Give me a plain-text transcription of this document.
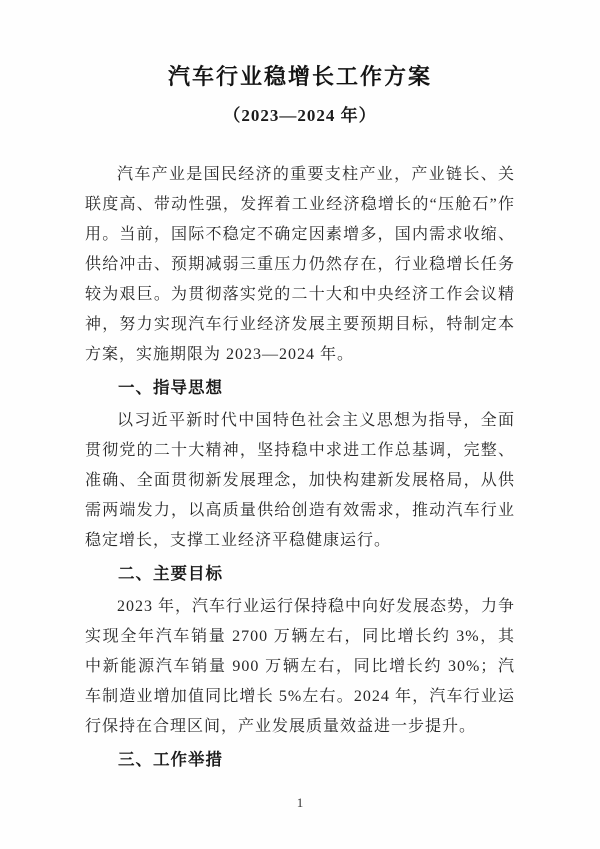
汽车行业稳增长工作方案
（2023—2024 年）

汽车产业是国民经济的重要支柱产业，产业链长、关联度高、带动性强，发挥着工业经济稳增长的“压舱石”作用。当前，国际不稳定不确定因素增多，国内需求收缩、供给冲击、预期减弱三重压力仍然存在，行业稳增长任务较为艰巨。为贯彻落实党的二十大和中央经济工作会议精神，努力实现汽车行业经济发展主要预期目标，特制定本方案，实施期限为 2023—2024 年。

一、指导思想

以习近平新时代中国特色社会主义思想为指导，全面贯彻党的二十大精神，坚持稳中求进工作总基调，完整、准确、全面贯彻新发展理念，加快构建新发展格局，从供需两端发力，以高质量供给创造有效需求，推动汽车行业稳定增长，支撑工业经济平稳健康运行。

二、主要目标

2023 年，汽车行业运行保持稳中向好发展态势，力争实现全年汽车销量 2700 万辆左右，同比增长约 3%，其中新能源汽车销量 900 万辆左右，同比增长约 30%；汽车制造业增加值同比增长 5%左右。2024 年，汽车行业运行保持在合理区间，产业发展质量效益进一步提升。

三、工作举措
1
